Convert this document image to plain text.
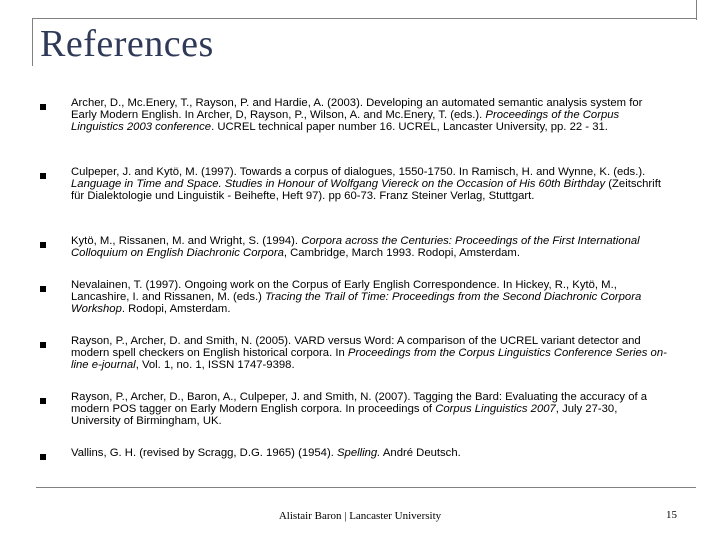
References

Archer, D., Mc.Enery, T., Rayson, P. and Hardie, A. (2003). Developing an automated semantic analysis system for Early Modern English. In Archer, D, Rayson, P., Wilson, A. and Mc.Enery, T. (eds.). Proceedings of the Corpus Linguistics 2003 conference. UCREL technical paper number 16. UCREL, Lancaster University, pp. 22 - 31.

Culpeper, J. and Kytö, M. (1997). Towards a corpus of dialogues, 1550-1750. In Ramisch, H. and Wynne, K. (eds.). Language in Time and Space. Studies in Honour of Wolfgang Viereck on the Occasion of His 60th Birthday (Zeitschrift für Dialektologie und Linguistik - Beihefte, Heft 97). pp 60-73. Franz Steiner Verlag, Stuttgart.

Kytö, M., Rissanen, M. and Wright, S. (1994). Corpora across the Centuries: Proceedings of the First International Colloquium on English Diachronic Corpora, Cambridge, March 1993. Rodopi, Amsterdam.

Nevalainen, T. (1997). Ongoing work on the Corpus of Early English Correspondence. In Hickey, R., Kytö, M., Lancashire, I. and Rissanen, M. (eds.) Tracing the Trail of Time: Proceedings from the Second Diachronic Corpora Workshop. Rodopi, Amsterdam.

Rayson, P., Archer, D. and Smith, N. (2005). VARD versus Word: A comparison of the UCREL variant detector and modern spell checkers on English historical corpora. In Proceedings from the Corpus Linguistics Conference Series on-line e-journal, Vol. 1, no. 1, ISSN 1747-9398.

Rayson, P., Archer, D., Baron, A., Culpeper, J. and Smith, N. (2007). Tagging the Bard: Evaluating the accuracy of a modern POS tagger on Early Modern English corpora. In proceedings of Corpus Linguistics 2007, July 27-30, University of Birmingham, UK.

Vallins, G. H. (revised by Scragg, D.G. 1965) (1954). Spelling. André Deutsch.

Alistair Baron | Lancaster University	15
